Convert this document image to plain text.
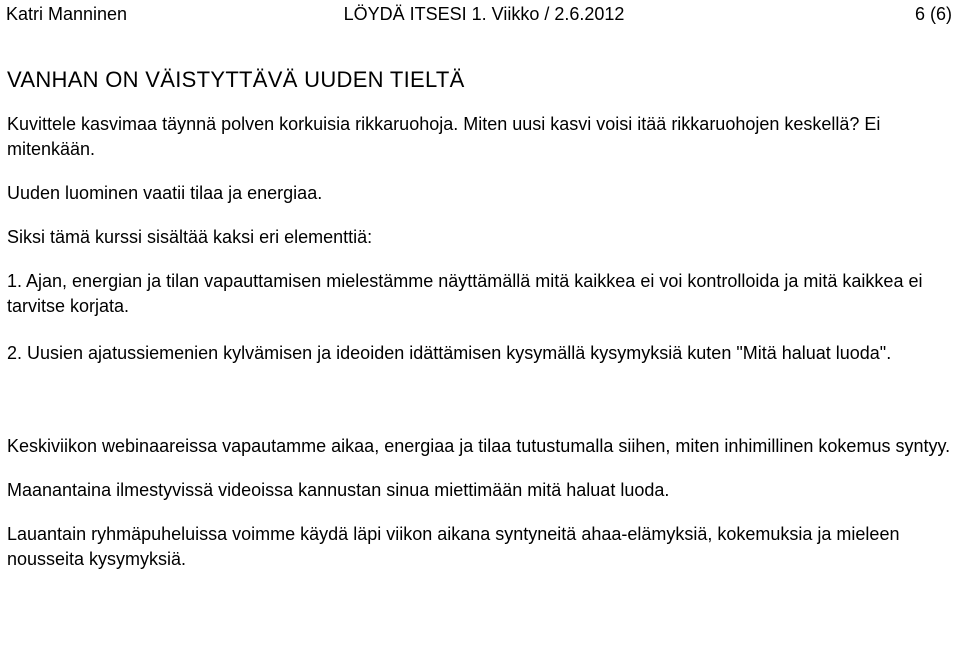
Katri Manninen	LÖYDÄ ITSESI 1. Viikko / 2.6.2012	6 (6)
VANHAN ON VÄISTYTTÄVÄ UUDEN TIELTÄ

Kuvittele kasvimaa täynnä polven korkuisia rikkaruohoja. Miten uusi kasvi voisi itää rikkaruohojen keskellä? Ei mitenkään.

Uuden luominen vaatii tilaa ja energiaa.

Siksi tämä kurssi sisältää kaksi eri elementtiä:

1. Ajan, energian ja tilan vapauttamisen mielestämme näyttämällä mitä kaikkea ei voi kontrolloida ja mitä kaikkea ei tarvitse korjata.

2. Uusien ajatussiemenien kylvämisen ja ideoiden idättämisen kysymällä kysymyksiä kuten "Mitä haluat luoda".

Keskiviikon webinaareissa vapautamme aikaa, energiaa ja tilaa tutustumalla siihen, miten inhimillinen kokemus syntyy.

Maanantaina ilmestyvissä videoissa kannustan sinua miettimään mitä haluat luoda.

Lauantain ryhmäpuheluissa voimme käydä läpi viikon aikana syntyneitä ahaa-elämyksiä, kokemuksia ja mieleen nousseita kysymyksiä.
